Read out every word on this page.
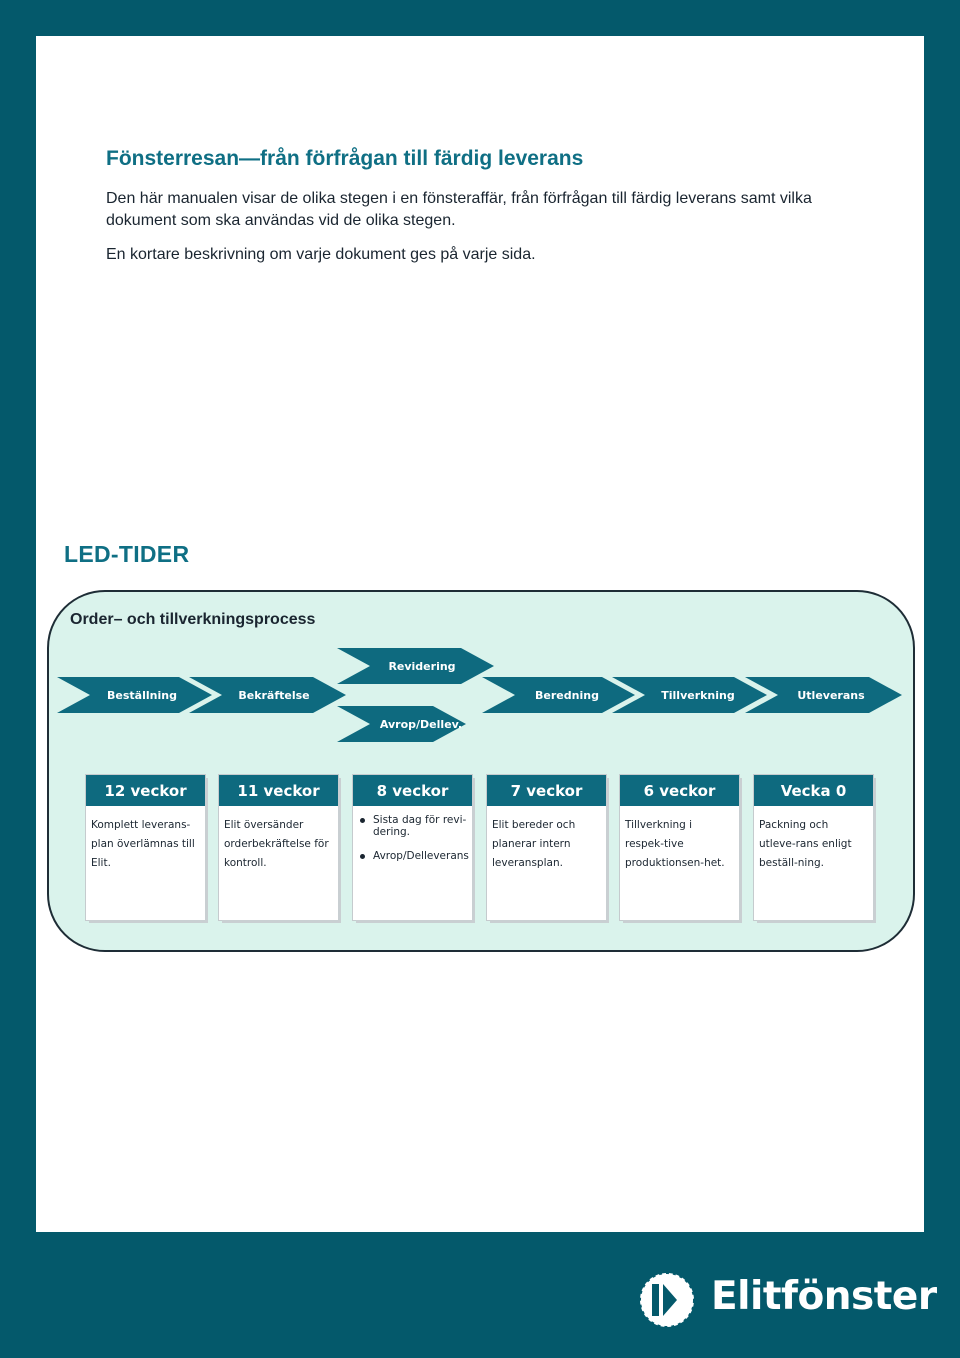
Fönsterresan—från förfrågan till färdig leverans

Den här manualen visar de olika stegen i en fönsteraffär, från förfrågan till färdig leverans samt vilka dokument som ska användas vid de olika stegen.

En kortare beskrivning om varje dokument ges på varje sida.

LED-TIDER
Order– och tillverkningsprocess
Beställning	Bekräftelse
Revidering
Avrop/Dellev.
Beredning	Tillverkning	Utleverans
12 veckor
Komplett leverans-plan överlämnas till Elit.
11 veckor
Elit översänder orderbekräftelse för kontroll.
8 veckor
Sista dag för revi-dering.
Avrop/Delleverans
7 veckor
Elit bereder och planerar intern leveransplan.
6 veckor
Tillverkning i respek-tive produktionsen-het.
Vecka 0
Packning och utleve-rans enligt beställ-ning.
Elitfönster
